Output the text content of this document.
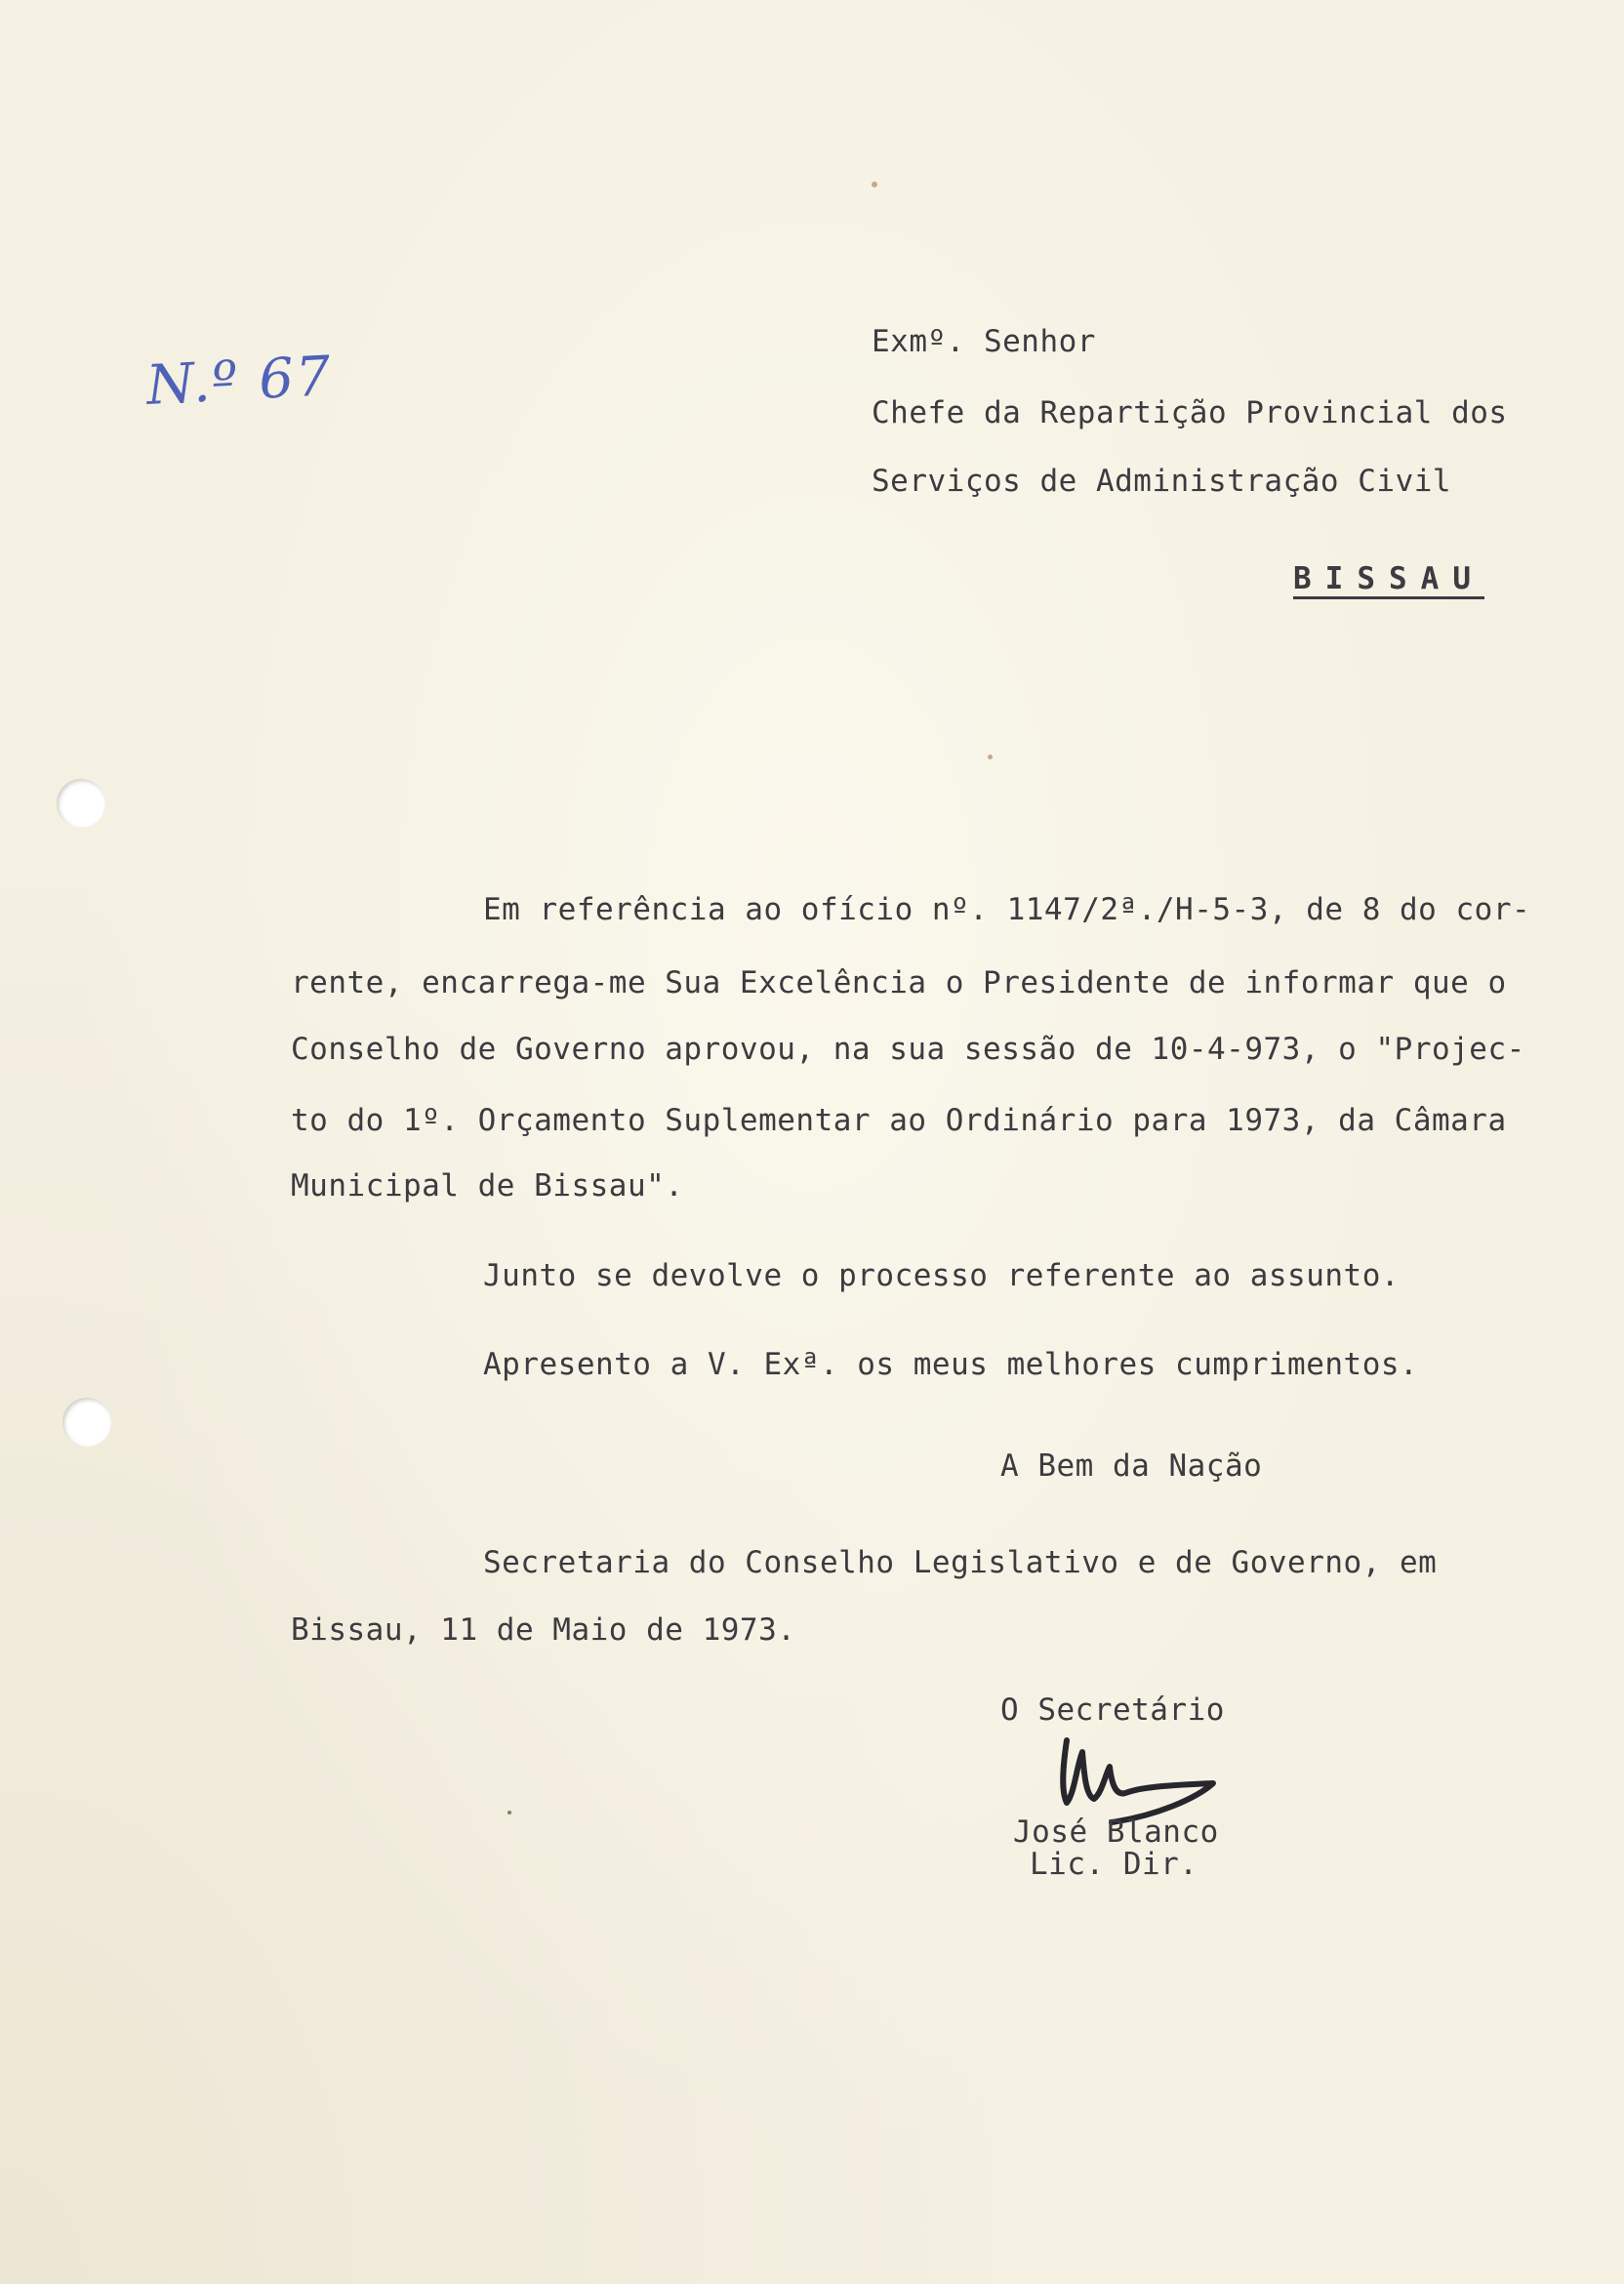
N.º 67
Exmº. Senhor
Chefe da Repartição Provincial dos
Serviços de Administração Civil
BISSAU
Em referência ao ofício nº. 1147/2ª./H-5-3, de 8 do cor-
rente, encarrega-me Sua Excelência o Presidente de informar que o
Conselho de Governo aprovou, na sua sessão de 10-4-973, o "Projec-
to do 1º. Orçamento Suplementar ao Ordinário para 1973, da Câmara
Municipal de Bissau".
Junto se devolve o processo referente ao assunto.
Apresento a V. Exª. os meus melhores cumprimentos.
A Bem da Nação
Secretaria do Conselho Legislativo e de Governo, em
Bissau, 11 de Maio de 1973.
O Secretário
José Blanco
Lic. Dir.
